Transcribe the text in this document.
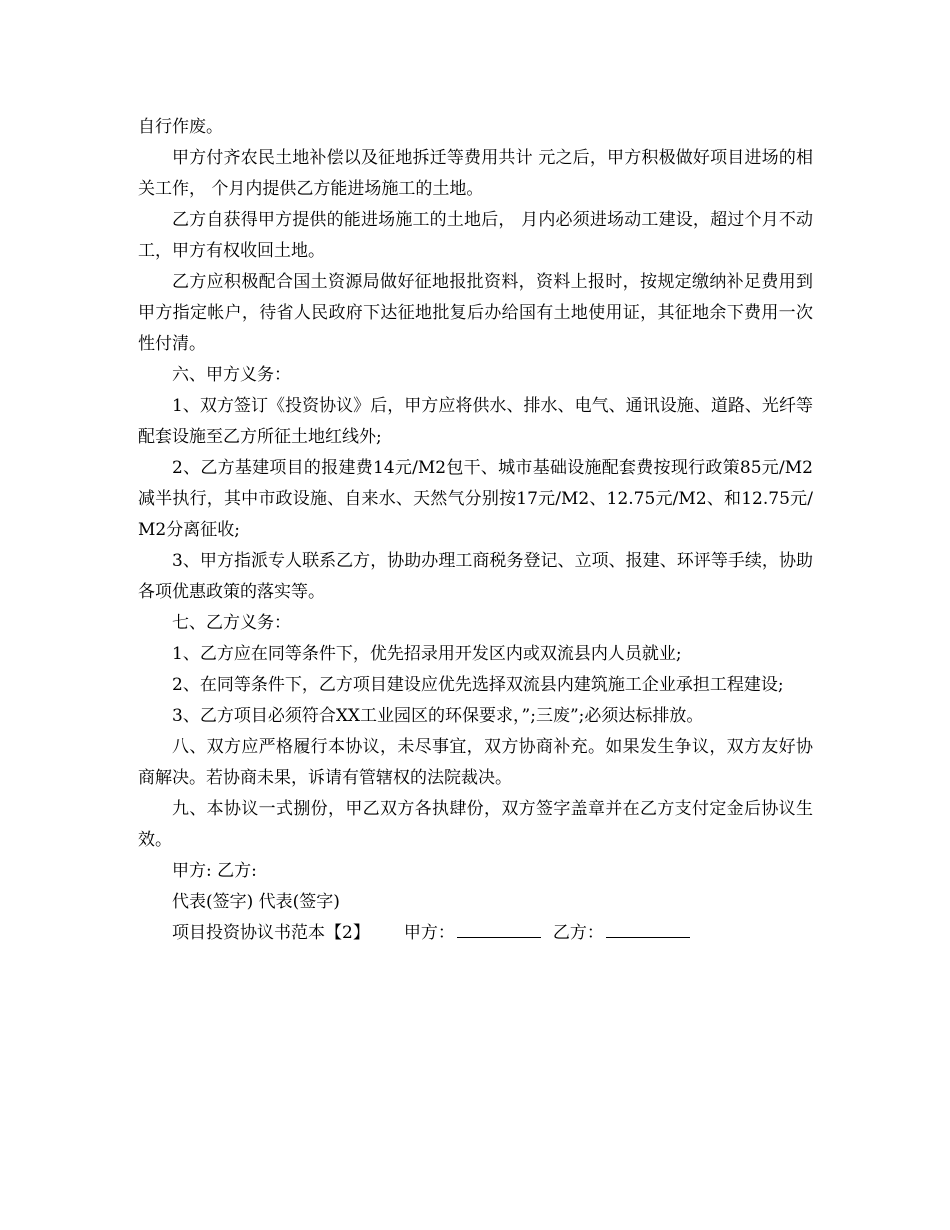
自行作废。

甲方付齐农民土地补偿以及征地拆迁等费用共计 元之后，甲方积极做好项目进场的相关工作， 个月内提供乙方能进场施工的土地。

乙方自获得甲方提供的能进场施工的土地后， 月内必须进场动工建设，超过个月不动工，甲方有权收回土地。

乙方应积极配合国土资源局做好征地报批资料，资料上报时，按规定缴纳补足费用到甲方指定帐户，待省人民政府下达征地批复后办给国有土地使用证，其征地余下费用一次性付清。

六、甲方义务：

1、双方签订《投资协议》后，甲方应将供水、排水、电气、通讯设施、道路、光纤等配套设施至乙方所征土地红线外;

2、乙方基建项目的报建费14元/M2包干、城市基础设施配套费按现行政策85元/M2减半执行，其中市政设施、自来水、天然气分别按17元/M2、12.75元/M2、和12.75元/M2分离征收;

3、甲方指派专人联系乙方，协助办理工商税务登记、立项、报建、环评等手续，协助各项优惠政策的落实等。

七、乙方义务：

1、乙方应在同等条件下，优先招录用开发区内或双流县内人员就业;

2、在同等条件下，乙方项目建设应优先选择双流县内建筑施工企业承担工程建设;

3、乙方项目必须符合XX工业园区的环保要求，”;三废”;必须达标排放。

八、双方应严格履行本协议，未尽事宜，双方协商补充。如果发生争议，双方友好协商解决。若协商未果，诉请有管辖权的法院裁决。

九、本协议一式捌份，甲乙双方各执肆份，双方签字盖章并在乙方支付定金后协议生效。

甲方: 乙方:

代表(签字) 代表(签字)

项目投资协议书范本【2】 甲方：	乙方：
